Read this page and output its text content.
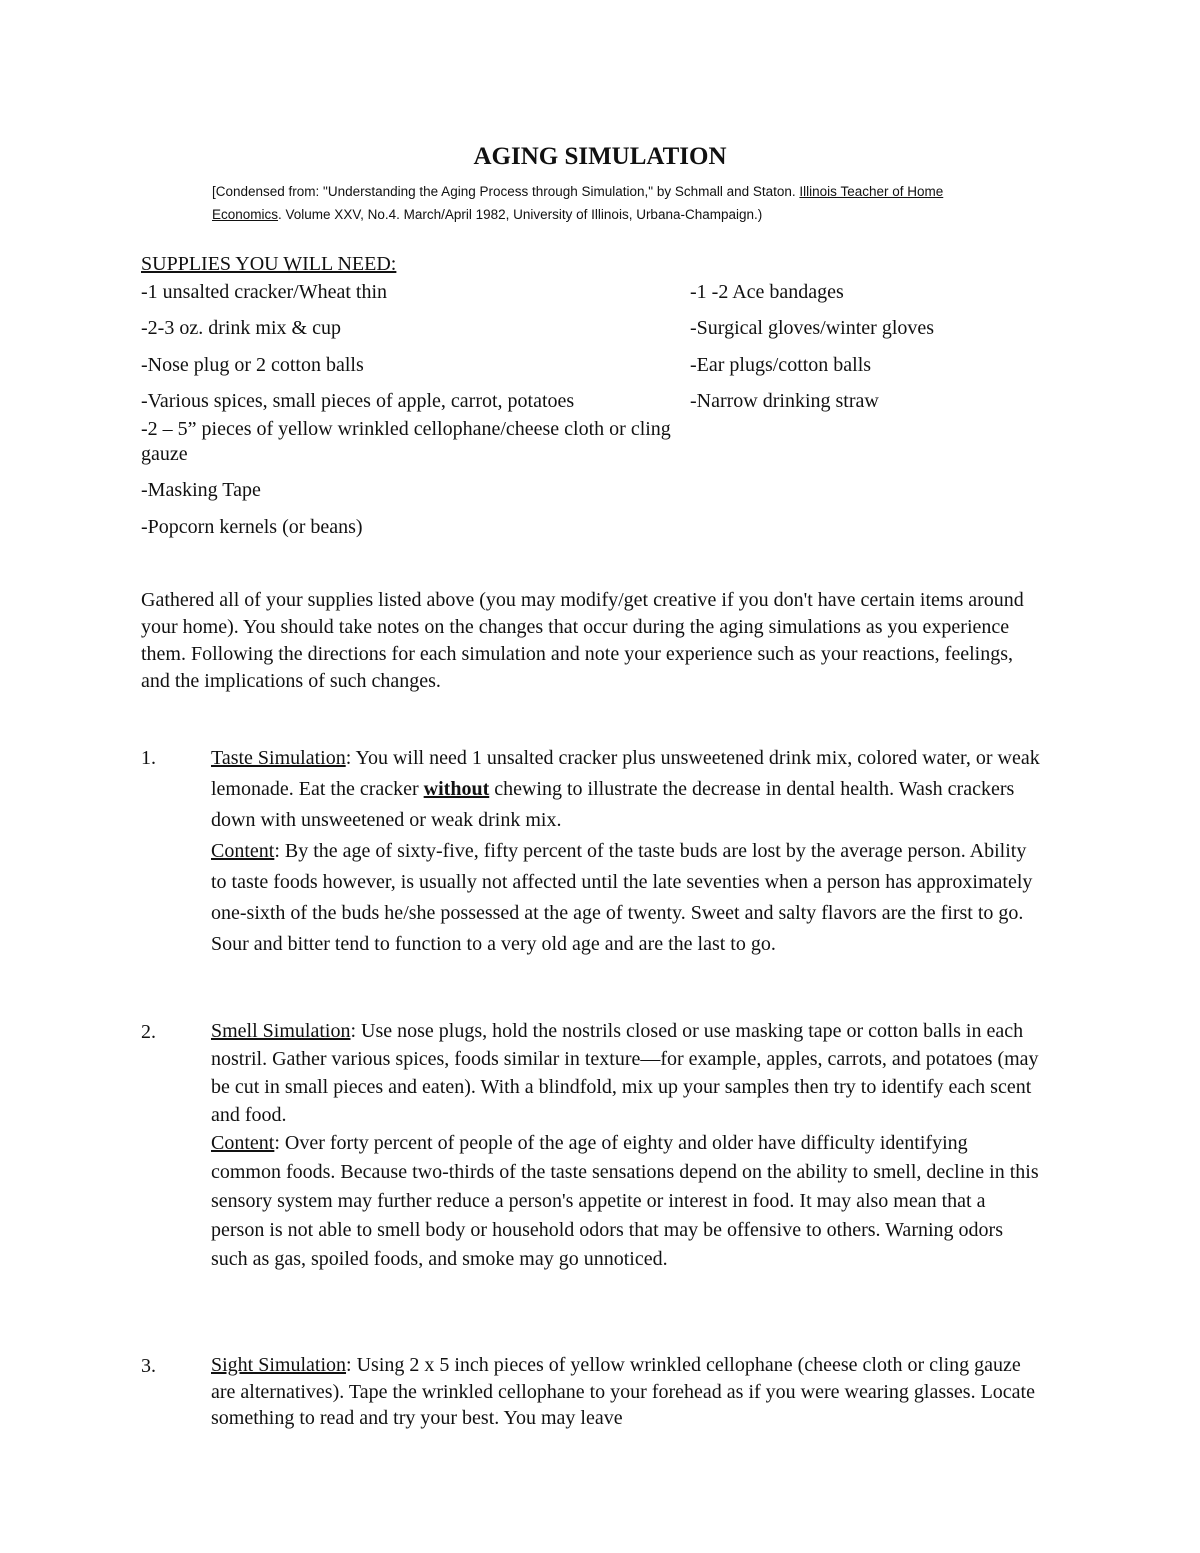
AGING SIMULATION
[Condensed from: "Understanding the Aging Process through Simulation," by Schmall and Staton. Illinois Teacher of Home Economics. Volume XXV, No.4. March/April 1982, University of Illinois, Urbana-Champaign.)
SUPPLIES YOU WILL NEED:
-1 unsalted cracker/Wheat thin
-2-3 oz. drink mix & cup
-Nose plug or 2 cotton balls
-Various spices, small pieces of apple, carrot, potatoes
-2 – 5” pieces of yellow wrinkled cellophane/cheese cloth or cling gauze
-Masking Tape
-Popcorn kernels (or beans)
-1 -2 Ace bandages
-Surgical gloves/winter gloves
-Ear plugs/cotton balls
-Narrow drinking straw
Gathered all of your supplies listed above (you may modify/get creative if you don't have certain items around your home). You should take notes on the changes that occur during the aging simulations as you experience them. Following the directions for each simulation and note your experience such as your reactions, feelings, and the implications of such changes.
1.	Taste Simulation: You will need 1 unsalted cracker plus unsweetened drink mix, colored water, or weak lemonade. Eat the cracker without chewing to illustrate the decrease in dental health. Wash crackers down with unsweetened or weak drink mix.

Content: By the age of sixty-five, fifty percent of the taste buds are lost by the average person. Ability to taste foods however, is usually not affected until the late seventies when a person has approximately one-sixth of the buds he/she possessed at the age of twenty. Sweet and salty flavors are the first to go. Sour and bitter tend to function to a very old age and are the last to go.

2.	Smell Simulation: Use nose plugs, hold the nostrils closed or use masking tape or cotton balls in each nostril. Gather various spices, foods similar in texture—for example, apples, carrots, and potatoes (may be cut in small pieces and eaten). With a blindfold, mix up your samples then try to identify each scent and food.

Content: Over forty percent of people of the age of eighty and older have difficulty identifying common foods. Because two-thirds of the taste sensations depend on the ability to smell, decline in this sensory system may further reduce a person's appetite or interest in food. It may also mean that a person is not able to smell body or household odors that may be offensive to others. Warning odors such as gas, spoiled foods, and smoke may go unnoticed.

3.	Sight Simulation: Using 2 x 5 inch pieces of yellow wrinkled cellophane (cheese cloth or cling gauze are alternatives). Tape the wrinkled cellophane to your forehead as if you were wearing glasses. Locate something to read and try your best. You may leave
